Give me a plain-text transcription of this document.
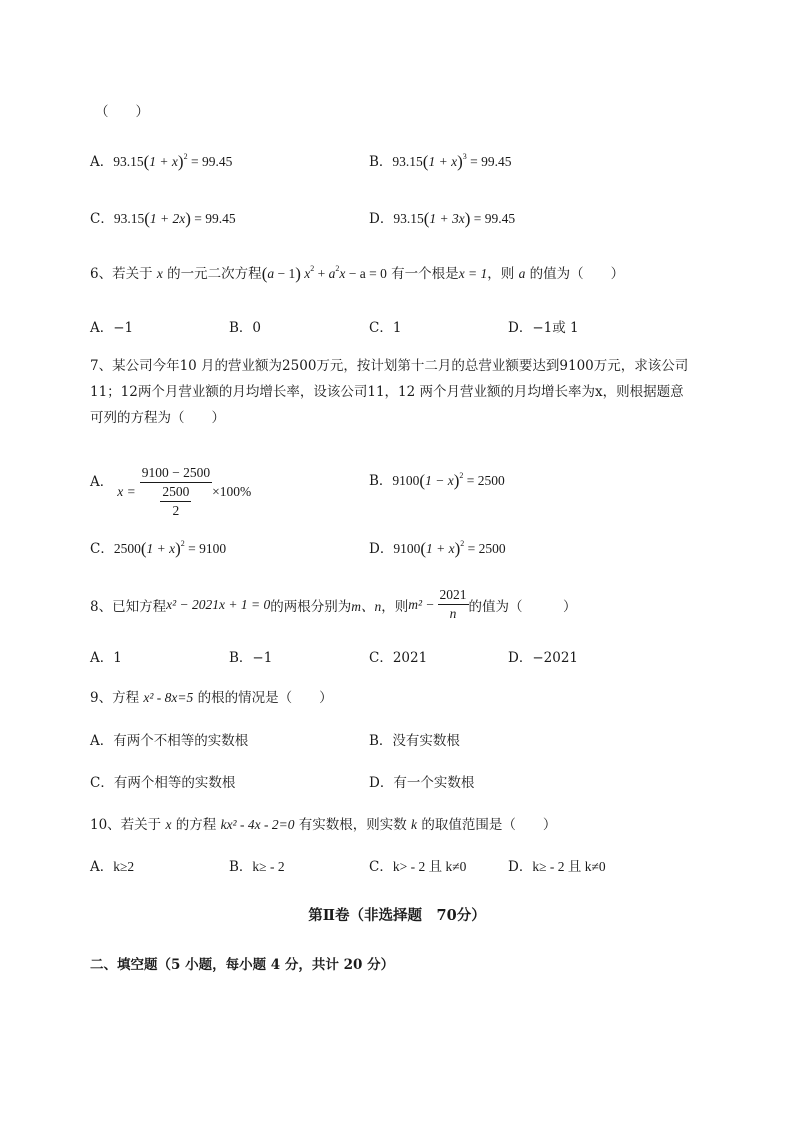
（　　）
A． $93.15(1 + x)^2 = 99.45$	B． $93.15(1 + x)^3 = 99.45$
C． 93.15(1 + 2x) = 99.45	D． 93.15(1 + 3x) = 99.45
6、若关于 x 的一元二次方程(a − 1) $x^2 + a^2x - a = 0$ 有一个根是x = 1，则 a 的值为（　　）
A．−1	B．0	C．1	D．−1或 1
7、某公司今年10 月的营业额为2500万元，按计划第十二月的总营业额要达到9100万元，求该公司
11；12两个月营业额的月均增长率，设该公司11，12 两个月营业额的月均增长率为x，则根据题意
可列的方程为（　　）
A．
$x = \frac{9100 - 2500}{2500}$
2
×100%
B． $9100(1 - x)^2 = 2500$
C． $2500(1 + x)^2 = 9100$	D． $9100(1 + x)^2 = 2500$
8、已知方程 x² − 2021x + 1 = 0 的两根分别为 m、n ，则 $m^2 - \frac{2021}{n}$ 的值为（　　　）
A．1	B．−1	C．2021	D．−2021
9、方程 x² - 8x=5 的根的情况是（　　）
A．有两个不相等的实数根	B．没有实数根
C．有两个相等的实数根	D．有一个实数根
10、若关于 x 的方程 kx² - 4x - 2=0 有实数根，则实数 k 的取值范围是（　　）
A．k≥2	B．k≥ - 2	C．k> - 2 且 k≠0	D．k≥ - 2 且 k≠0
第Ⅱ卷（非选择题　70分）
二、填空题（5 小题，每小题 4 分，共计 20 分）
